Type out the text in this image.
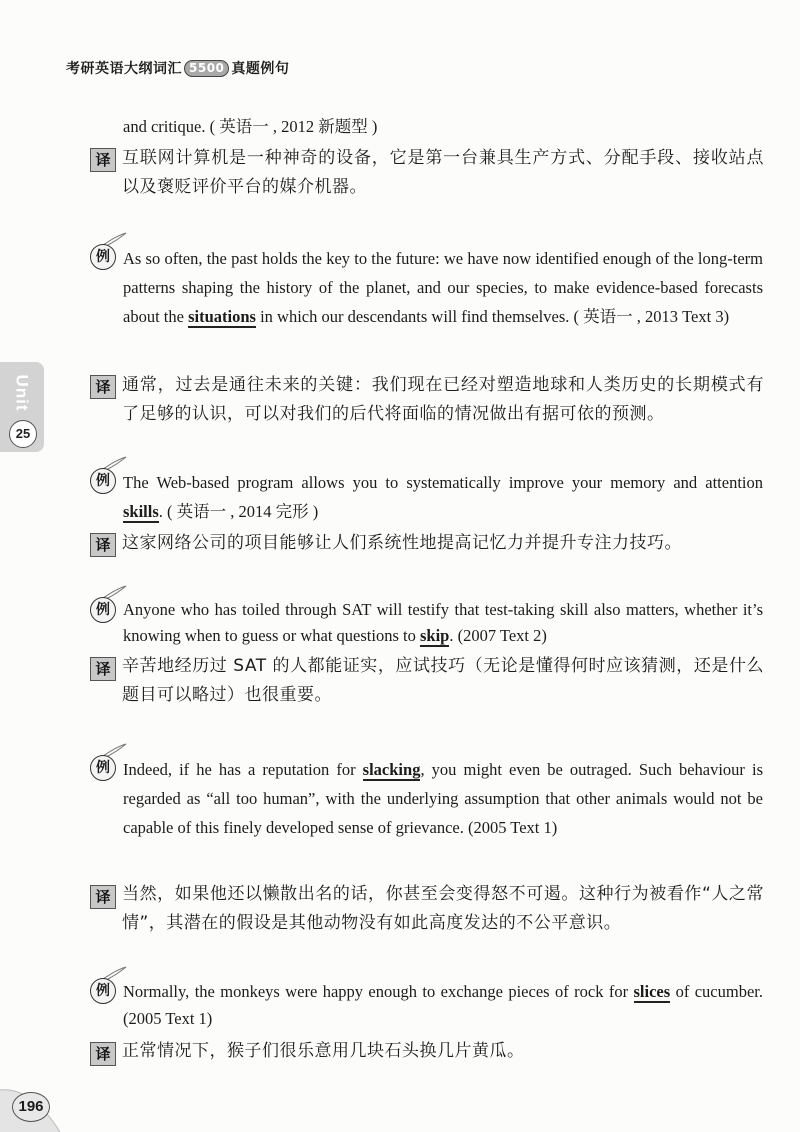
考研英语大纲词汇 5500 真题例句
Unit
25
and critique. ( 英语一 , 2012 新题型 )
译 互联网计算机是一种神奇的设备，它是第一台兼具生产方式、分配手段、接收站点以及褒贬评价平台的媒介机器。
例 As so often, the past holds the key to the future: we have now identified enough of the long-term patterns shaping the history of the planet, and our species, to make evidence-based forecasts about the situations in which our descendants will find themselves. ( 英语一 , 2013 Text 3)
译 通常，过去是通往未来的关键：我们现在已经对塑造地球和人类历史的长期模式有了足够的认识，可以对我们的后代将面临的情况做出有据可依的预测。
例 The Web-based program allows you to systematically improve your memory and attention skills. ( 英语一 , 2014 完形 )
译 这家网络公司的项目能够让人们系统性地提高记忆力并提升专注力技巧。
例 Anyone who has toiled through SAT will testify that test-taking skill also matters, whether it’s knowing when to guess or what questions to skip. (2007 Text 2)
译 辛苦地经历过 SAT 的人都能证实，应试技巧（无论是懂得何时应该猜测，还是什么题目可以略过）也很重要。
例 Indeed, if he has a reputation for slacking, you might even be outraged. Such behaviour is regarded as “all too human”, with the underlying assumption that other animals would not be capable of this finely developed sense of grievance. (2005 Text 1)
译 当然，如果他还以懒散出名的话，你甚至会变得怒不可遏。这种行为被看作“人之常情”，其潜在的假设是其他动物没有如此高度发达的不公平意识。
例 Normally, the monkeys were happy enough to exchange pieces of rock for slices of cucumber. (2005 Text 1)
译 正常情况下，猴子们很乐意用几块石头换几片黄瓜。
196
